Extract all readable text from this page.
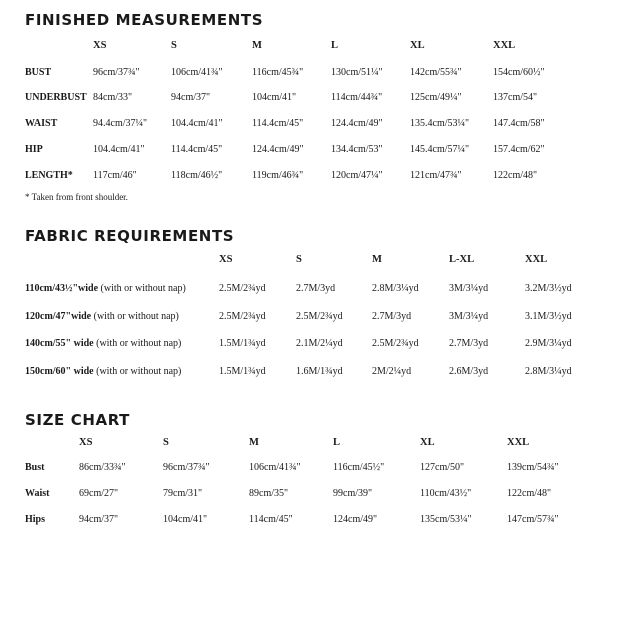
FINISHED MEASUREMENTS
XS	S	M	L	XL	XXL
BUST	96cm/37¾"	106cm/41¾"	116cm/45¾"	130cm/51¼"	142cm/55¾"	154cm/60½"
UNDERBUST 84cm/33"	94cm/37"	104cm/41"	114cm/44¾"	125cm/49¼"	137cm/54"
WAIST	94.4cm/37¼" 104.4cm/41"	114.4cm/45"	124.4cm/49"	135.4cm/53¼" 147.4cm/58"
HIP	104.4cm/41"	114.4cm/45"	124.4cm/49"	134.4cm/53"	145.4cm/57¼" 157.4cm/62"
LENGTH* 117cm/46"	118cm/46½"	119cm/46¾"	120cm/47¼"	121cm/47¾"	122cm/48"
* Taken from front shoulder.
FABRIC REQUIREMENTS
XS	S	M	L-XL	XXL
110cm/43½"wide (with or without nap)	2.5M/2¾yd	2.7M/3yd	2.8M/3¼yd	3M/3¼yd	3.2M/3½yd
120cm/47"wide (with or without nap)	2.5M/2¾yd	2.5M/2¾yd	2.7M/3yd	3M/3¼yd	3.1M/3½yd
140cm/55" wide (with or without nap)	1.5M/1¾yd	2.1M/2¼yd	2.5M/2¾yd	2.7M/3yd	2.9M/3¼yd
150cm/60" wide (with or without nap)	1.5M/1¾yd	1.6M/1¾yd	2M/2¼yd	2.6M/3yd	2.8M/3¼yd
SIZE CHART
XS	S	M	L	XL	XXL
Bust	86cm/33¾"	96cm/37¾"	106cm/41¾"	116cm/45½"	127cm/50"	139cm/54¾"
Waist	69cm/27"	79cm/31"	89cm/35"	99cm/39"	110cm/43½"	122cm/48"
Hips	94cm/37"	104cm/41"	114cm/45"	124cm/49"	135cm/53¼"	147cm/57¾"
